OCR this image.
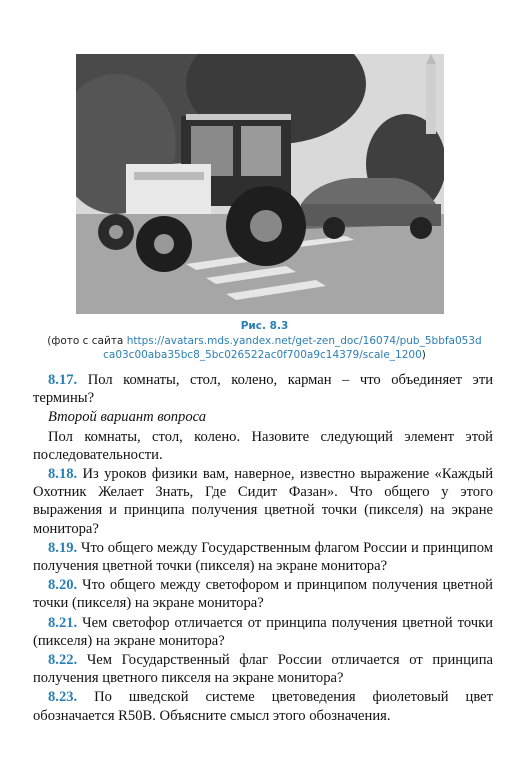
Рис. 8.3
(фото с сайта https://avatars.mds.yandex.net/get-zen_doc/16074/pub_5bbfa053d
ca03c00aba35bc8_5bc026522ac0f700a9c14379/scale_1200)

8.17. Пол комнаты, стол, колено, карман – что объединяет эти термины?

Второй вариант вопроса

Пол комнаты, стол, колено. Назовите следующий элемент этой последовательности.

8.18. Из уроков физики вам, наверное, известно выражение «Каждый Охотник Желает Знать, Где Сидит Фазан». Что общего у этого выражения и принципа получения цветной точки (пикселя) на экране монитора?

8.19. Что общего между Государственным флагом России и принципом получения цветной точки (пикселя) на экране монитора?

8.20. Что общего между светофором и принципом получения цветной точки (пикселя) на экране монитора?

8.21. Чем светофор отличается от принципа получения цветной точки (пикселя) на экране монитора?

8.22. Чем Государственный флаг России отличается от принципа получения цветного пикселя на экране монитора?

8.23. По шведской системе цветоведения фиолетовый цвет обозначается R50B. Объясните смысл этого обозначения.
